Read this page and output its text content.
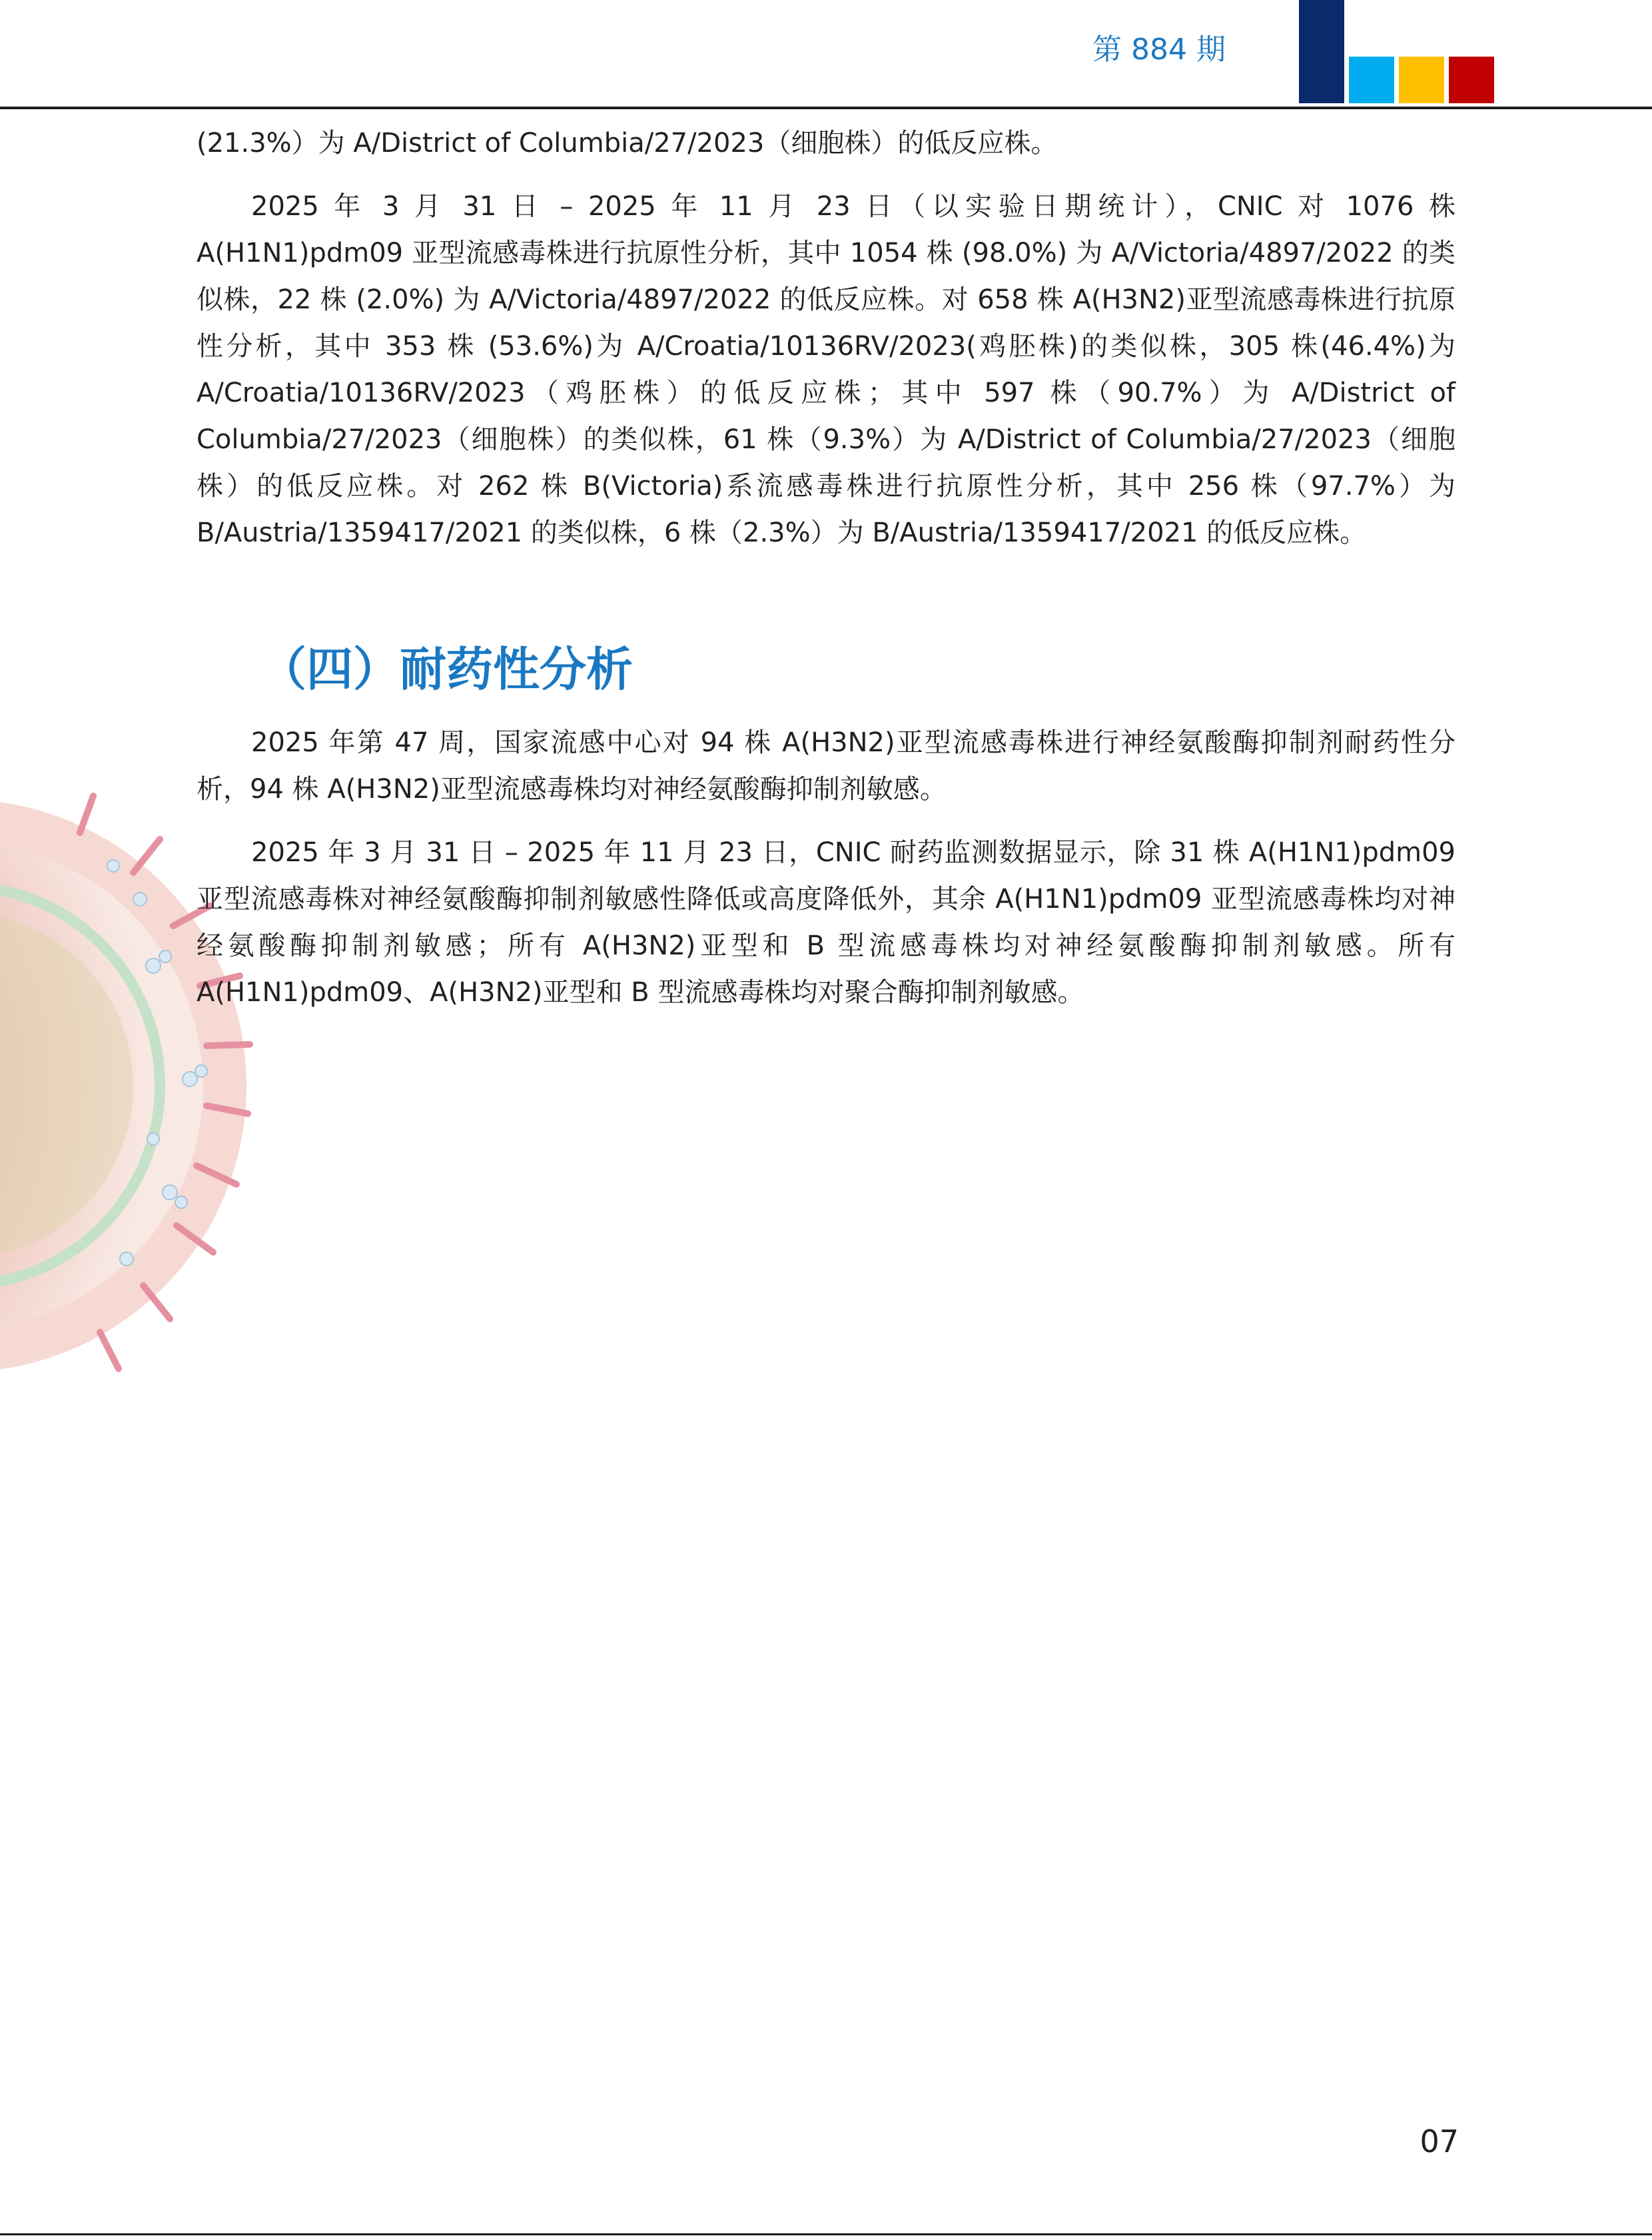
第 884 期

(21.3%）为 A/District of Columbia/27/2023（细胞株）的低反应株。

2025 年 3 月 31 日 – 2025 年 11 月 23 日（以实验日期统计），CNIC 对 1076 株 A(H1N1)pdm09 亚型流感毒株进行抗原性分析，其中 1054 株 (98.0%) 为 A/Victoria/4897/2022 的类似株，22 株 (2.0%) 为 A/Victoria/4897/2022 的低反应株。对 658 株 A(H3N2)亚型流感毒株进行抗原性分析，其中 353 株 (53.6%)为 A/Croatia/10136RV/2023(鸡胚株)的类似株，305 株(46.4%)为 A/Croatia/10136RV/2023（鸡胚株）的低反应株；其中 597 株（90.7%）为 A/District of Columbia/27/2023（细胞株）的类似株，61 株（9.3%）为 A/District of Columbia/27/2023（细胞株）的低反应株。对 262 株 B(Victoria)系流感毒株进行抗原性分析，其中 256 株（97.7%）为 B/Austria/1359417/2021 的类似株，6 株（2.3%）为 B/Austria/1359417/2021 的低反应株。

（四）耐药性分析

2025 年第 47 周，国家流感中心对 94 株 A(H3N2)亚型流感毒株进行神经氨酸酶抑制剂耐药性分析，94 株 A(H3N2)亚型流感毒株均对神经氨酸酶抑制剂敏感。

2025 年 3 月 31 日 – 2025 年 11 月 23 日，CNIC 耐药监测数据显示，除 31 株 A(H1N1)pdm09 亚型流感毒株对神经氨酸酶抑制剂敏感性降低或高度降低外，其余 A(H1N1)pdm09 亚型流感毒株均对神经氨酸酶抑制剂敏感；所有 A(H3N2)亚型和 B 型流感毒株均对神经氨酸酶抑制剂敏感。所有 A(H1N1)pdm09、A(H3N2)亚型和 B 型流感毒株均对聚合酶抑制剂敏感。

07
